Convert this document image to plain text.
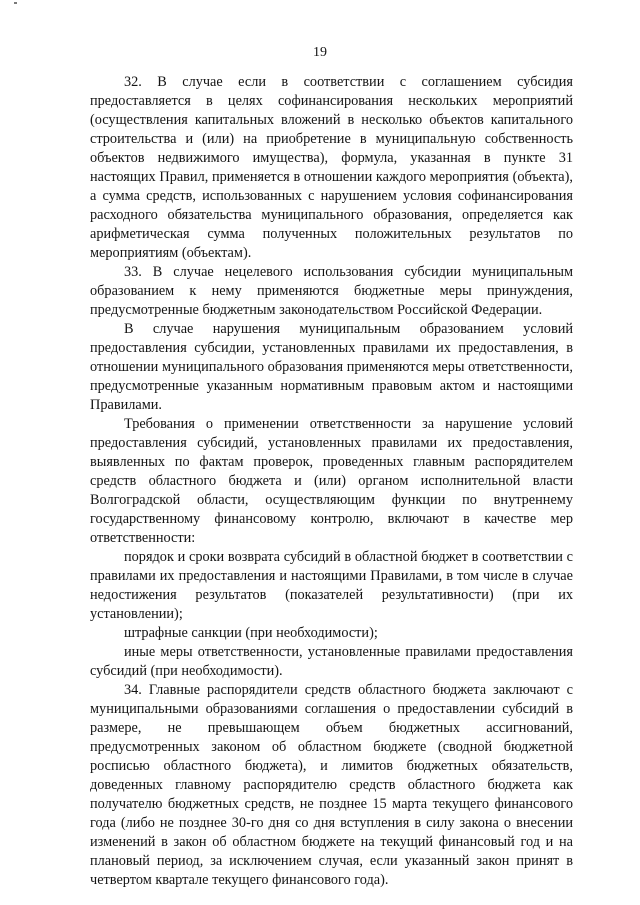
19

32. В случае если в соответствии с соглашением субсидия предоставляется в целях софинансирования нескольких мероприятий (осуществления капитальных вложений в несколько объектов капитального строительства и (или) на приобретение в муниципальную собственность объектов недвижимого имущества), формула, указанная в пункте 31 настоящих Правил, применяется в отношении каждого мероприятия (объекта), а сумма средств, использованных с нарушением условия софинансирования расходного обязательства муниципального образования, определяется как арифметическая сумма полученных положительных результатов по мероприятиям (объектам).

33. В случае нецелевого использования субсидии муниципальным образованием к нему применяются бюджетные меры принуждения, предусмотренные бюджетным законодательством Российской Федерации.

В случае нарушения муниципальным образованием условий предоставления субсидии, установленных правилами их предоставления, в отношении муниципального образования применяются меры ответственности, предусмотренные указанным нормативным правовым актом и настоящими Правилами.

Требования о применении ответственности за нарушение условий предоставления субсидий, установленных правилами их предоставления, выявленных по фактам проверок, проведенных главным распорядителем средств областного бюджета и (или) органом исполнительной власти Волгоградской области, осуществляющим функции по внутреннему государственному финансовому контролю, включают в качестве мер ответственности:

порядок и сроки возврата субсидий в областной бюджет в соответствии с правилами их предоставления и настоящими Правилами, в том числе в случае недостижения результатов (показателей результативности) (при их установлении);

штрафные санкции (при необходимости);

иные меры ответственности, установленные правилами предоставления субсидий (при необходимости).

34. Главные распорядители средств областного бюджета заключают с муниципальными образованиями соглашения о предоставлении субсидий в размере, не превышающем объем бюджетных ассигнований, предусмотренных законом об областном бюджете (сводной бюджетной росписью областного бюджета), и лимитов бюджетных обязательств, доведенных главному распорядителю средств областного бюджета как получателю бюджетных средств, не позднее 15 марта текущего финансового года (либо не позднее 30-го дня со дня вступления в силу закона о внесении изменений в закон об областном бюджете на текущий финансовый год и на плановый период, за исключением случая, если указанный закон принят в четвертом квартале текущего финансового года).
